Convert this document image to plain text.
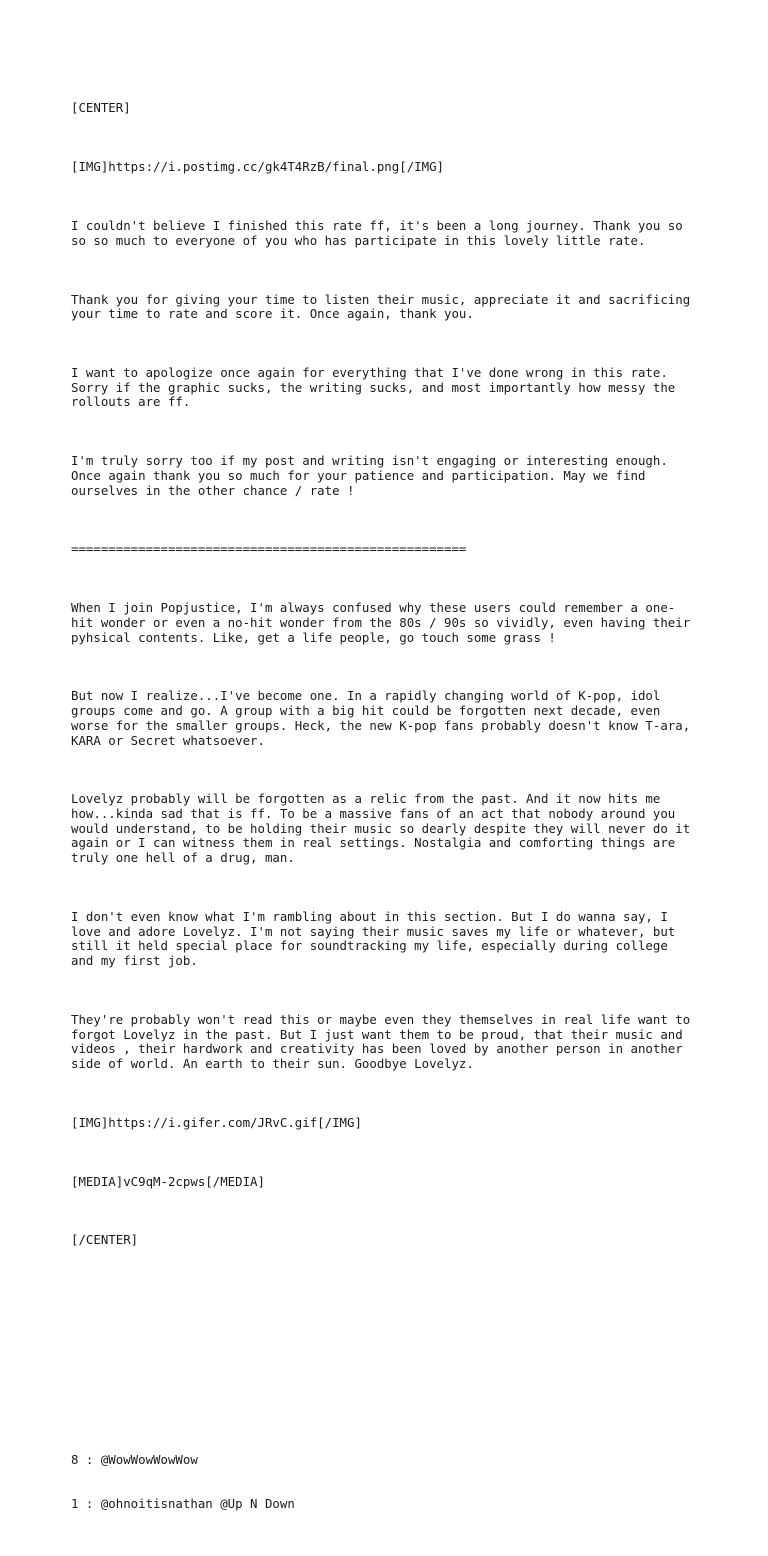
[CENTER]

[IMG]https://i.postimg.cc/gk4T4RzB/final.png[/IMG]

I couldn't believe I finished this rate ff, it's been a long journey. Thank you so
so so much to everyone of you who has participate in this lovely little rate.

Thank you for giving your time to listen their music, appreciate it and sacrificing
your time to rate and score it. Once again, thank you.

I want to apologize once again for everything that I've done wrong in this rate.
Sorry if the graphic sucks, the writing sucks, and most importantly how messy the
rollouts are ff.

I'm truly sorry too if my post and writing isn't engaging or interesting enough.
Once again thank you so much for your patience and participation. May we find
ourselves in the other chance / rate !

=====================================================

When I join Popjustice, I'm always confused why these users could remember a one-
hit wonder or even a no-hit wonder from the 80s / 90s so vividly, even having their
pyhsical contents. Like, get a life people, go touch some grass !

But now I realize...I've become one. In a rapidly changing world of K-pop, idol
groups come and go. A group with a big hit could be forgotten next decade, even
worse for the smaller groups. Heck, the new K-pop fans probably doesn't know T-ara,
KARA or Secret whatsoever.

Lovelyz probably will be forgotten as a relic from the past. And it now hits me
how...kinda sad that is ff. To be a massive fans of an act that nobody around you
would understand, to be holding their music so dearly despite they will never do it
again or I can witness them in real settings. Nostalgia and comforting things are
truly one hell of a drug, man.

I don't even know what I'm rambling about in this section. But I do wanna say, I
love and adore Lovelyz. I'm not saying their music saves my life or whatever, but
still it held special place for soundtracking my life, especially during college
and my first job.

They're probably won't read this or maybe even they themselves in real life want to
forgot Lovelyz in the past. But I just want them to be proud, that their music and
videos , their hardwork and creativity has been loved by another person in another
side of world. An earth to their sun. Goodbye Lovelyz.

[IMG]https://i.gifer.com/JRvC.gif[/IMG]

[MEDIA]vC9qM-2cpws[/MEDIA]

[/CENTER]

8 : @WowWowWowWow

1 : @ohnoitisnathan @Up N Down
